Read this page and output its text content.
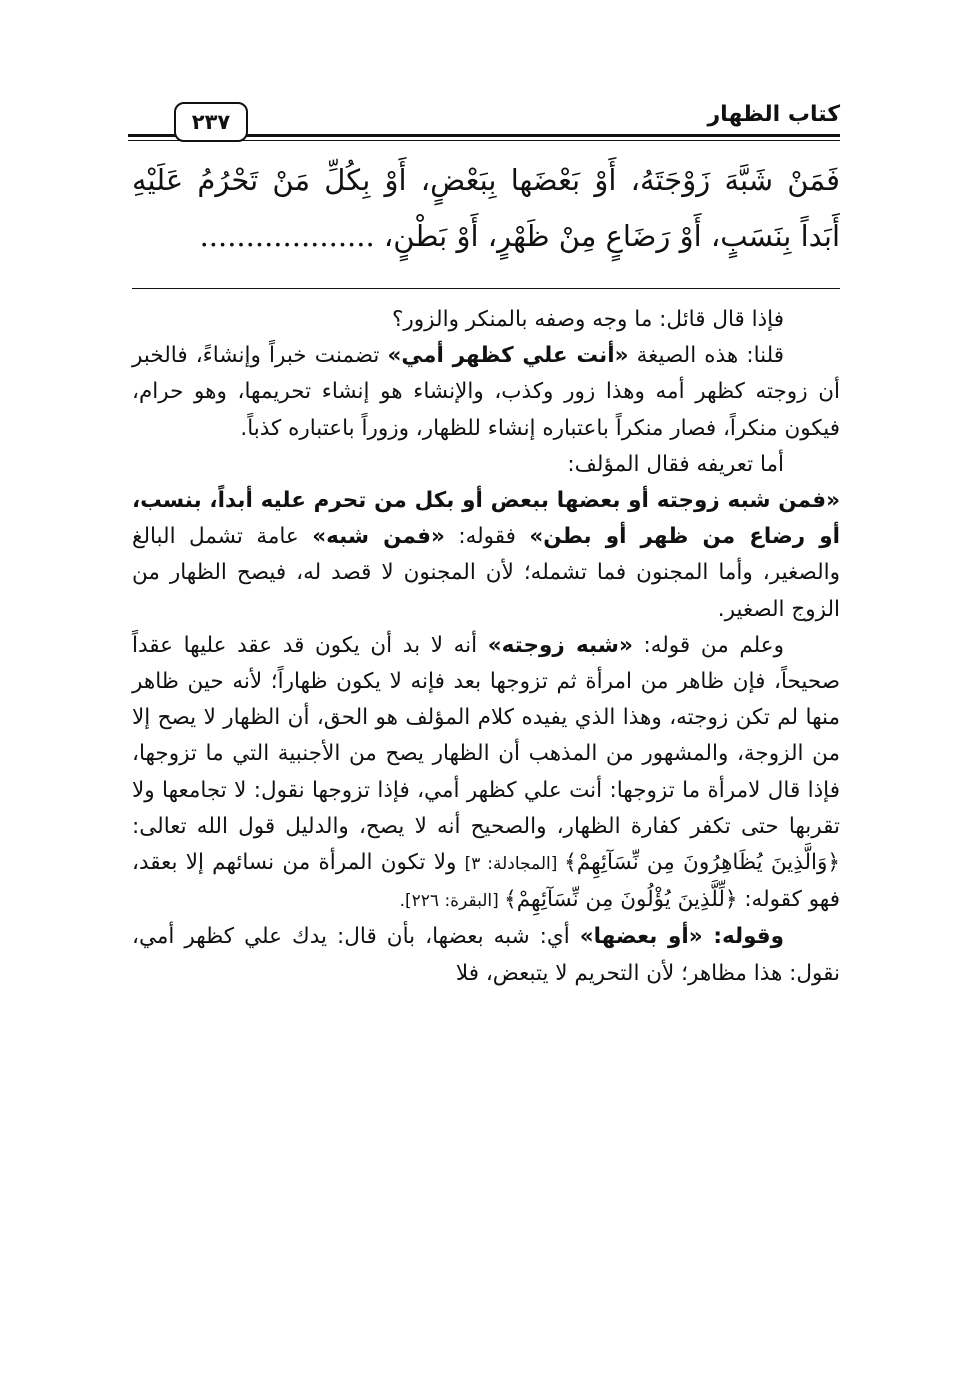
كتاب الظهار
٢٣٧
فَمَنْ شَبَّهَ زَوْجَتَهُ، أَوْ بَعْضَها بِبَعْضٍ، أَوْ بِكُلِّ مَنْ تَحْرُمُ عَلَيْهِ
أَبَداً بِنَسَبٍ، أَوْ رَضَاعٍ مِنْ ظَهْرٍ، أَوْ بَطْنٍ، ...................

فإذا قال قائل: ما وجه وصفه بالمنكر والزور؟

قلنا: هذه الصيغة «أنت علي كظهر أمي» تضمنت خبراً وإنشاءً، فالخبر أن زوجته كظهر أمه وهذا زور وكذب، والإنشاء هو إنشاء تحريمها، وهو حرام، فيكون منكراً، فصار منكراً باعتباره إنشاء للظهار، وزوراً باعتباره كذباً.

أما تعريفه فقال المؤلف:

«فمن شبه زوجته أو بعضها ببعض أو بكل من تحرم عليه أبداً، بنسب، أو رضاع من ظهر أو بطن» فقوله: «فمن شبه» عامة تشمل البالغ والصغير، وأما المجنون فما تشمله؛ لأن المجنون لا قصد له، فيصح الظهار من الزوج الصغير.

وعلم من قوله: «شبه زوجته» أنه لا بد أن يكون قد عقد عليها عقداً صحيحاً، فإن ظاهر من امرأة ثم تزوجها بعد فإنه لا يكون ظهاراً؛ لأنه حين ظاهر منها لم تكن زوجته، وهذا الذي يفيده كلام المؤلف هو الحق، أن الظهار لا يصح إلا من الزوجة، والمشهور من المذهب أن الظهار يصح من الأجنبية التي ما تزوجها، فإذا قال لامرأة ما تزوجها: أنت علي كظهر أمي، فإذا تزوجها نقول: لا تجامعها ولا تقربها حتى تكفر كفارة الظهار، والصحيح أنه لا يصح، والدليل قول الله تعالى: ﴿وَالَّذِينَ يُظَاهِرُونَ مِن نِّسَآئِهِمْ﴾ [المجادلة: ٣] ولا تكون المرأة من نسائهم إلا بعقد، فهو كقوله: ﴿لِّلَّذِينَ يُؤْلُونَ مِن نِّسَآئِهِمْ﴾ [البقرة: ٢٢٦].

وقوله: «أو بعضها» أي: شبه بعضها، بأن قال: يدك علي كظهر أمي، نقول: هذا مظاهر؛ لأن التحريم لا يتبعض، فلا
